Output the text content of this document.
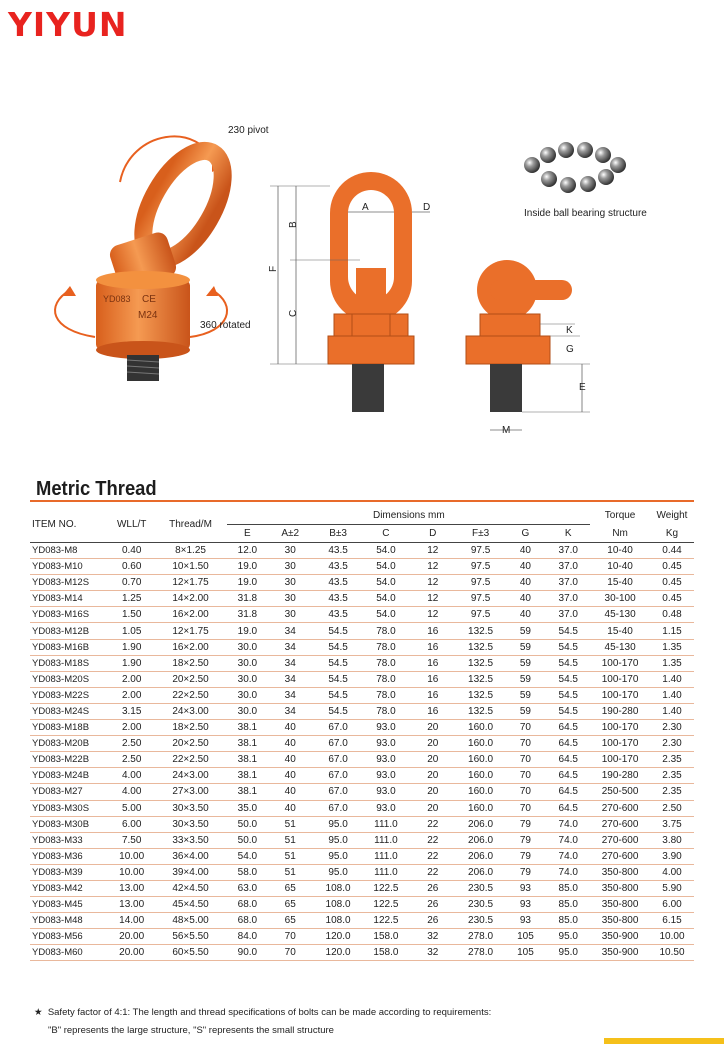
YIYUN
YD083 CE
M24
230 pivot
360 rotated
A	D
B
F
C
K
G
E
M
Inside ball bearing structure
Metric Thread
ITEM NO.	WLL/T	Thread/M	Dimensions mm								Torque	Weight
			E	A±2	B±3	C	D	F±3	G	K	Nm	Kg
YD083-M8	0.40	8×1.25	12.0	30	43.5	54.0	12	97.5	40	37.0	10-40	0.44
YD083-M10	0.60	10×1.50	19.0	30	43.5	54.0	12	97.5	40	37.0	10-40	0.45
YD083-M12S	0.70	12×1.75	19.0	30	43.5	54.0	12	97.5	40	37.0	15-40	0.45
YD083-M14	1.25	14×2.00	31.8	30	43.5	54.0	12	97.5	40	37.0	30-100	0.45
YD083-M16S	1.50	16×2.00	31.8	30	43.5	54.0	12	97.5	40	37.0	45-130	0.48
YD083-M12B	1.05	12×1.75	19.0	34	54.5	78.0	16	132.5	59	54.5	15-40	1.15
YD083-M16B	1.90	16×2.00	30.0	34	54.5	78.0	16	132.5	59	54.5	45-130	1.35
YD083-M18S	1.90	18×2.50	30.0	34	54.5	78.0	16	132.5	59	54.5	100-170	1.35
YD083-M20S	2.00	20×2.50	30.0	34	54.5	78.0	16	132.5	59	54.5	100-170	1.40
YD083-M22S	2.00	22×2.50	30.0	34	54.5	78.0	16	132.5	59	54.5	100-170	1.40
YD083-M24S	3.15	24×3.00	30.0	34	54.5	78.0	16	132.5	59	54.5	190-280	1.40
YD083-M18B	2.00	18×2.50	38.1	40	67.0	93.0	20	160.0	70	64.5	100-170	2.30
YD083-M20B	2.50	20×2.50	38.1	40	67.0	93.0	20	160.0	70	64.5	100-170	2.30
YD083-M22B	2.50	22×2.50	38.1	40	67.0	93.0	20	160.0	70	64.5	100-170	2.35
YD083-M24B	4.00	24×3.00	38.1	40	67.0	93.0	20	160.0	70	64.5	190-280	2.35
YD083-M27	4.00	27×3.00	38.1	40	67.0	93.0	20	160.0	70	64.5	250-500	2.35
YD083-M30S	5.00	30×3.50	35.0	40	67.0	93.0	20	160.0	70	64.5	270-600	2.50
YD083-M30B	6.00	30×3.50	50.0	51	95.0	111.0	22	206.0	79	74.0	270-600	3.75
YD083-M33	7.50	33×3.50	50.0	51	95.0	111.0	22	206.0	79	74.0	270-600	3.80
YD083-M36	10.00	36×4.00	54.0	51	95.0	111.0	22	206.0	79	74.0	270-600	3.90
YD083-M39	10.00	39×4.00	58.0	51	95.0	111.0	22	206.0	79	74.0	350-800	4.00
YD083-M42	13.00	42×4.50	63.0	65	108.0	122.5	26	230.5	93	85.0	350-800	5.90
YD083-M45	13.00	45×4.50	68.0	65	108.0	122.5	26	230.5	93	85.0	350-800	6.00
YD083-M48	14.00	48×5.00	68.0	65	108.0	122.5	26	230.5	93	85.0	350-800	6.15
YD083-M56	20.00	56×5.50	84.0	70	120.0	158.0	32	278.0	105	95.0	350-900	10.00
YD083-M60	20.00	60×5.50	90.0	70	120.0	158.0	32	278.0	105	95.0	350-900	10.50
★ Safety factor of 4:1: The length and thread specifications of bolts can be made according to requirements:
"B" represents the large structure, "S" represents the small structure
